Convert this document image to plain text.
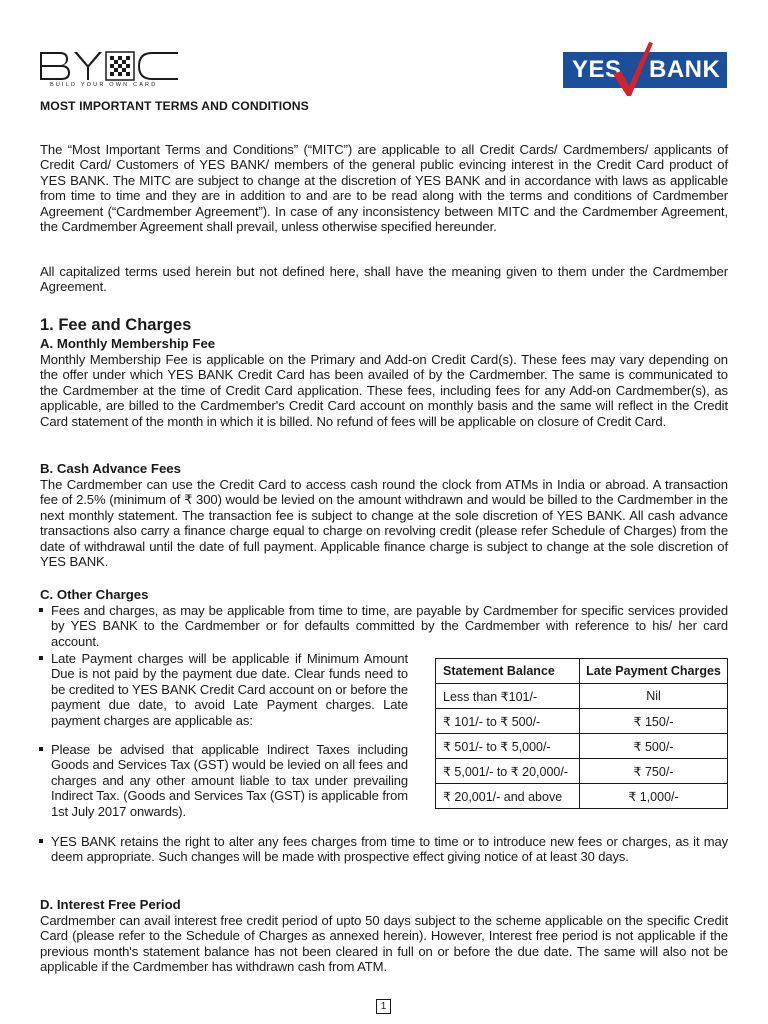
BUILD YOUR OWN CARD
YES BANK

MOST IMPORTANT TERMS AND CONDITIONS

The “Most Important Terms and Conditions” (“MITC”) are applicable to all Credit Cards/ Cardmembers/ applicants of Credit Card/ Customers of YES BANK/ members of the general public evincing interest in the Credit Card product of YES BANK. The MITC are subject to change at the discretion of YES BANK and in accordance with laws as applicable from time to time and they are in addition to and are to be read along with the terms and conditions of Cardmember Agreement (“Cardmember Agreement”). In case of any inconsistency between MITC and the Cardmember Agreement, the Cardmember Agreement shall prevail, unless otherwise specified hereunder.

All capitalized terms used herein but not defined here, shall have the meaning given to them under the Cardmember Agreement.

1. Fee and Charges

A. Monthly Membership Fee

Monthly Membership Fee is applicable on the Primary and Add-on Credit Card(s). These fees may vary depending on the offer under which YES BANK Credit Card has been availed of by the Cardmember. The same is communicated to the Cardmember at the time of Credit Card application. These fees, including fees for any Add-on Cardmember(s), as applicable, are billed to the Cardmember's Credit Card account on monthly basis and the same will reflect in the Credit Card statement of the month in which it is billed. No refund of fees will be applicable on closure of Credit Card.

B. Cash Advance Fees

The Cardmember can use the Credit Card to access cash round the clock from ATMs in India or abroad. A transaction fee of 2.5% (minimum of ₹ 300) would be levied on the amount withdrawn and would be billed to the Cardmember in the next monthly statement. The transaction fee is subject to change at the sole discretion of YES BANK. All cash advance transactions also carry a finance charge equal to charge on revolving credit (please refer Schedule of Charges) from the date of withdrawal until the date of full payment. Applicable finance charge is subject to change at the sole discretion of YES BANK.

C. Other Charges

Fees and charges, as may be applicable from time to time, are payable by Cardmember for specific services provided by YES BANK to the Cardmember or for defaults committed by the Cardmember with reference to his/ her card account.
Late Payment charges will be applicable if Minimum Amount Due is not paid by the payment due date. Clear funds need to be credited to YES BANK Credit Card account on or before the payment due date, to avoid Late Payment charges. Late payment charges are applicable as:
Please be advised that applicable Indirect Taxes including Goods and Services Tax (GST) would be levied on all fees and charges and any other amount liable to tax under prevailing Indirect Tax. (Goods and Services Tax (GST) is applicable from 1st July 2017 onwards).
YES BANK retains the right to alter any fees charges from time to time or to introduce new fees or charges, as it may deem appropriate. Such changes will be made with prospective effect giving notice of at least 30 days.
Statement Balance	Late Payment Charges
Less than ₹101/-	Nil
₹ 101/- to ₹ 500/-	₹ 150/-
₹ 501/- to ₹ 5,000/-	₹ 500/-
₹ 5,001/- to ₹ 20,000/-	₹ 750/-
₹ 20,001/- and above	₹ 1,000/-

D. Interest Free Period

Cardmember can avail interest free credit period of upto 50 days subject to the scheme applicable on the specific Credit Card (please refer to the Schedule of Charges as annexed herein). However, Interest free period is not applicable if the previous month's statement balance has not been cleared in full on or before the due date. The same will also not be applicable if the Cardmember has withdrawn cash from ATM.

1
